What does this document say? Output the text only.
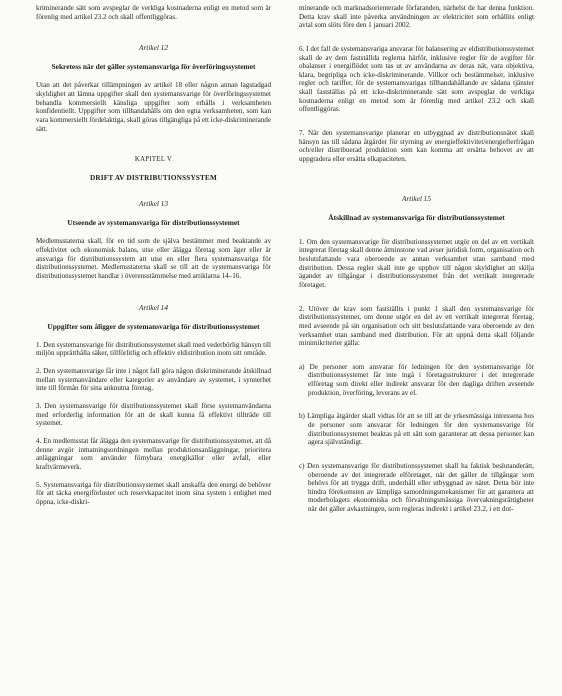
kriminerande sätt som avspeglar de verkliga kostnaderna enligt en metod som är förenlig med artikel 23.2 och skall offentliggöras.

Artikel 12
Sekretess när det gäller systemansvariga för överföringssystemet

Utan att det påverkar tillämpningen av artikel 18 eller någon annan lagstadgad skyldighet att lämna uppgifter skall den systemansvarige för överföringssystemet behandla kommersiellt känsliga uppgifter som erhålls i verksamheten konfidentiellt. Uppgifter som tillhandahålls om den egna verksamheten, som kan vara kommersiellt fördelaktiga, skall göras tillgängliga på ett icke-diskriminerande sätt.

KAPITEL V
DRIFT AV DISTRIBUTIONSSYSTEM
Artikel 13
Utseende av systemansvariga för distributionssystemet

Medlemsstaterna skall, för en tid som de själva bestämmer med beaktande av effektivitet och ekonomisk balans, utse eller ålägga företag som äger eller är ansvariga för distributionssystem att utse en eller flera systemansvariga för distributionssystemet. Medlemsstaterna skall se till att de systemansvariga för distributionssystemet handlar i överensstämmelse med artiklarna 14–16.

Artikel 14
Uppgifter som åligger de systemansvariga för distributionssystemet

1. Den systemansvarige för distributionssystemet skall med vederbörlig hänsyn till miljön upprätthålla säker, tillförlitlig och effektiv eldistribution inom sitt område.

2. Den systemansvarige får inte i något fall göra någon diskriminerande åtskillnad mellan systemanvändare eller kategorier av användare av systemet, i synnerhet inte till förmån för sina anknutna företag.

3. Den systemansvarige för distributionssystemet skall förse systemanvändarna med erforderlig information för att de skall kunna få effektivt tillträde till systemet.

4. En medlemsstat får ålägga den systemansvarige för distributionssystemet, att då denne avgör inmatningsordningen mellan produktionsanläggningar, prioritera anläggningar som använder förnybara energikällor eller avfall, eller kraftvärmeverk.

5. Systemansvariga för distributionssystemet skall anskaffa den energi de behöver för att täcka energiförluster och reservkapacitet inom sina system i enlighet med öppna, icke-diskri-

minerande och marknadsorienterade förfaranden, närhelst de har denna funktion. Detta krav skall inte påverka användningen av elektricitet som erhållits enligt avtal som slöts före den 1 januari 2002.

6. I det fall de systemansvariga ansvarar för balansering av eldistributionssystemet skall de av dem fastställda reglerna härför, inklusive regler för de avgifter för obalanser i energiflödet som tas ut av användarna av deras nät, vara objektiva, klara, begripliga och icke-diskriminerande. Villkor och bestämmelser, inklusive regler och tariffer, för de systemansvarigas tillhandahållande av sådana tjänster skall fastställas på ett icke-diskriminerande sätt som avspeglar de verkliga kostnaderna enligt en metod som är förenlig med artikel 23.2 och skall offentliggöras.

7. När den systemansvarige planerar en utbyggnad av distributionsnätet skall hänsyn tas till sådana åtgärder för styrning av energieffektivitet/energiefterfrågan och/eller distribuerad produktion som kan komma att ersätta behovet av att uppgradera eller ersätta elkapaciteten.

Artikel 15
Åtskillnad av systemansvariga för distributionssystemet

1. Om den systemansvarige för distributionssystemet utgör en del av ett vertikalt integrerat företag skall denne åtminstone vad avser juridisk form, organisation och beslutsfattande vara oberoende av annan verksamhet utan samband med distribution. Dessa regler skall inte ge upphov till någon skyldighet att skilja ägandet av tillgångar i distributionssystemet från det vertikalt integrerade företaget.

2. Utöver de krav som fastställts i punkt 1 skall den systemansvarige för distributionssystemet, om denne utgör en del av ett vertikalt integrerat företag, med avseende på sin organisation och sitt beslutsfattande vara oberoende av den verksamhet utan samband med distribution. För att uppnå detta skall följande minimikriterier gälla:

a) De personer som ansvarar för ledningen för den systemansvarige för distributionssystemet får inte ingå i företagsstrukturer i det integrerade elföretag som direkt eller indirekt ansvarar för den dagliga driften avseende produktion, överföring, leverans av el.

b) Lämpliga åtgärder skall vidtas för att se till att de yrkesmässiga intressena hos de personer som ansvarar för ledningen för den systemansvarige för distributionssystemet beaktas på ett sätt som garanterar att dessa personer kan agera självständigt.

c) Den systemansvarige för distributionssystemet skall ha faktisk beslutanderätt, oberoende av det integrerade elföretaget, när det gäller de tillgångar som behövs för att trygga drift, underhåll eller utbyggnad av nätet. Detta bör inte hindra förekomsten av lämpliga samordningsmekanismer för att garantera att moderbolagets ekonomiska och förvaltningsmässiga övervakningsrättigheter när det gäller avkastningen, som regleras indirekt i artikel 23.2, i ett dot-
